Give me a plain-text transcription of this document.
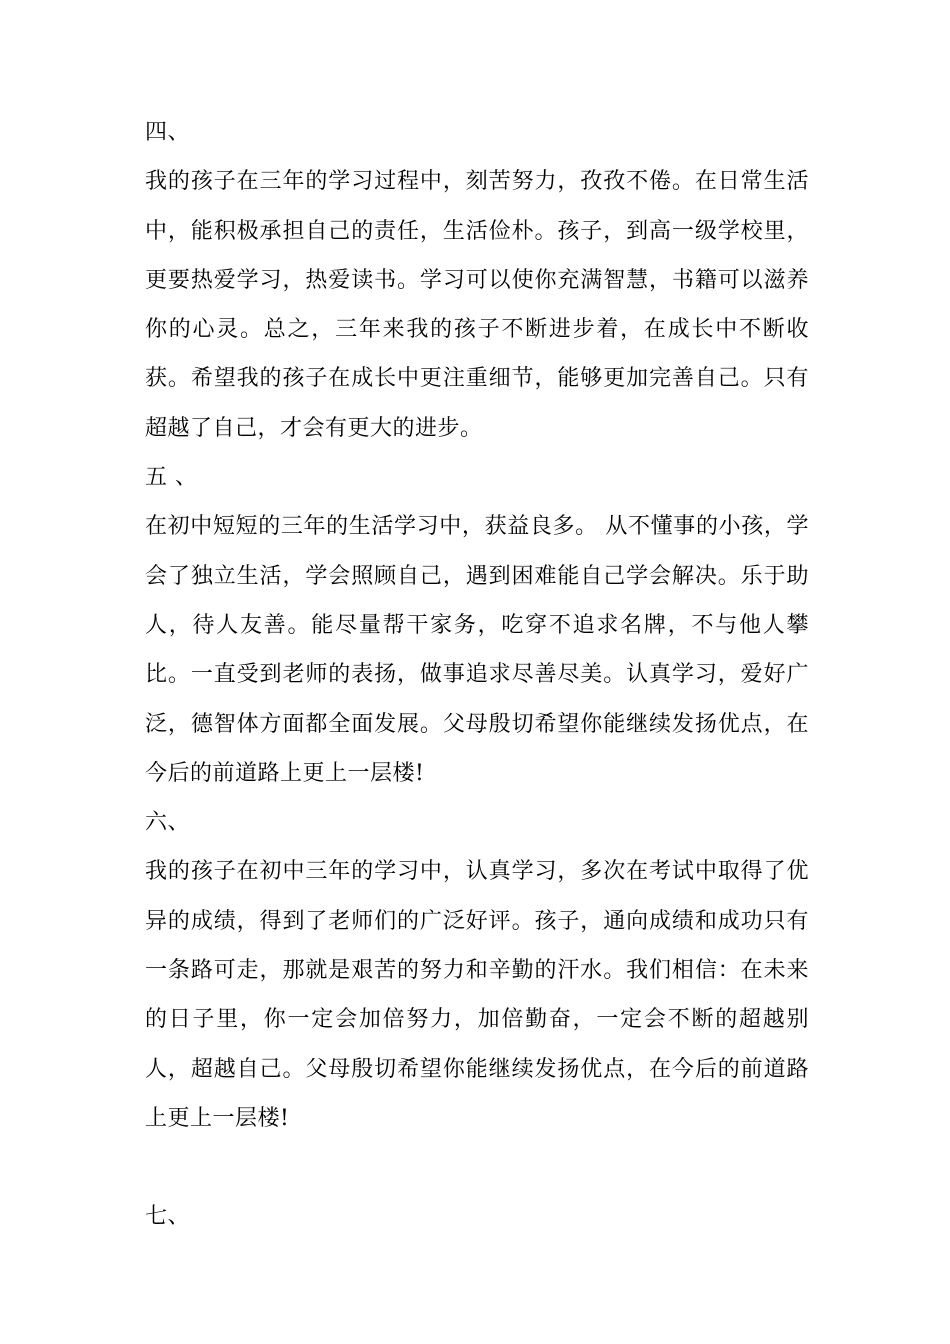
四、

我的孩子在三年的学习过程中，刻苦努力，孜孜不倦。在日常生活中，能积极承担自己的责任，生活俭朴。孩子，到高一级学校里，更要热爱学习，热爱读书。学习可以使你充满智慧，书籍可以滋养你的心灵。总之，三年来我的孩子不断进步着，在成长中不断收获。希望我的孩子在成长中更注重细节，能够更加完善自己。只有超越了自己，才会有更大的进步。

五 、

在初中短短的三年的生活学习中，获益良多。 从不懂事的小孩，学会了独立生活，学会照顾自己，遇到困难能自己学会解决。乐于助人，待人友善。能尽量帮干家务，吃穿不追求名牌，不与他人攀比。一直受到老师的表扬，做事追求尽善尽美。认真学习，爱好广泛，德智体方面都全面发展。父母殷切希望你能继续发扬优点，在今后的前道路上更上一层楼!

六、

我的孩子在初中三年的学习中，认真学习，多次在考试中取得了优异的成绩，得到了老师们的广泛好评。孩子，通向成绩和成功只有一条路可走，那就是艰苦的努力和辛勤的汗水。我们相信：在未来的日子里，你一定会加倍努力，加倍勤奋，一定会不断的超越别人，超越自己。父母殷切希望你能继续发扬优点，在今后的前道路上更上一层楼!

七、
